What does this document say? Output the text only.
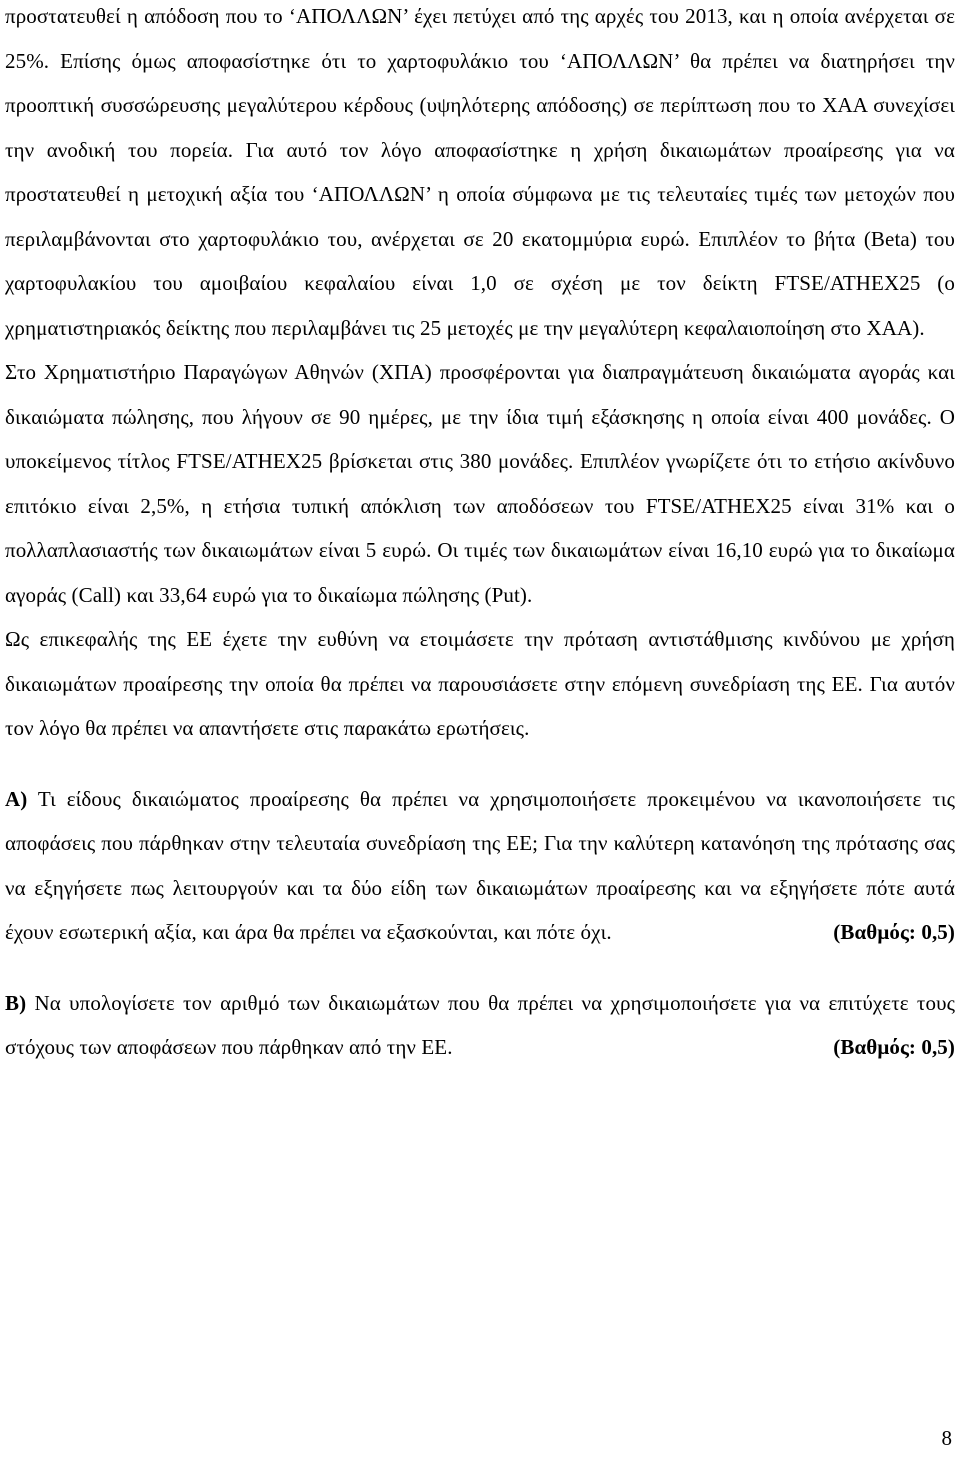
προστατευθεί η απόδοση που το ‘ΑΠΟΛΛΩΝ’ έχει πετύχει από της αρχές του 2013, και η οποία ανέρχεται σε 25%. Επίσης όμως αποφασίστηκε ότι το χαρτοφυλάκιο του ‘ΑΠΟΛΛΩΝ’ θα πρέπει να διατηρήσει την προοπτική συσσώρευσης μεγαλύτερου κέρδους (υψηλότερης απόδοσης) σε περίπτωση που το ΧΑΑ συνεχίσει την ανοδική του πορεία. Για αυτό τον λόγο αποφασίστηκε η χρήση δικαιωμάτων προαίρεσης για να προστατευθεί η μετοχική αξία του ‘ΑΠΟΛΛΩΝ’ η οποία σύμφωνα με τις τελευταίες τιμές των μετοχών που περιλαμβάνονται στο χαρτοφυλάκιο του, ανέρχεται σε 20 εκατομμύρια ευρώ. Επιπλέον το βήτα (Beta) του χαρτοφυλακίου του αμοιβαίου κεφαλαίου είναι 1,0 σε σχέση με τον δείκτη FTSE/ATHEX25 (ο χρηματιστηριακός δείκτης που περιλαμβάνει τις 25 μετοχές με την μεγαλύτερη κεφαλαιοποίηση στο ΧΑΑ).

Στο Χρηματιστήριο Παραγώγων Αθηνών (ΧΠΑ) προσφέρονται για διαπραγμάτευση δικαιώματα αγοράς και δικαιώματα πώλησης, που λήγουν σε 90 ημέρες, με την ίδια τιμή εξάσκησης η οποία είναι 400 μονάδες. Ο υποκείμενος τίτλος FTSE/ATHEX25 βρίσκεται στις 380 μονάδες. Επιπλέον γνωρίζετε ότι το ετήσιο ακίνδυνο επιτόκιο είναι 2,5%, η ετήσια τυπική απόκλιση των αποδόσεων του FTSE/ATHEX25 είναι 31% και ο πολλαπλασιαστής των δικαιωμάτων είναι 5 ευρώ. Οι τιμές των δικαιωμάτων είναι 16,10 ευρώ για το δικαίωμα αγοράς (Call) και 33,64 ευρώ για το δικαίωμα πώλησης (Put).

Ως επικεφαλής της ΕΕ έχετε την ευθύνη να ετοιμάσετε την πρόταση αντιστάθμισης κινδύνου με χρήση δικαιωμάτων προαίρεσης την οποία θα πρέπει να παρουσιάσετε στην επόμενη συνεδρίαση της ΕΕ. Για αυτόν τον λόγο θα πρέπει να απαντήσετε στις παρακάτω ερωτήσεις.

Α) Τι είδους δικαιώματος προαίρεσης θα πρέπει να χρησιμοποιήσετε προκειμένου να ικανοποιήσετε τις αποφάσεις που πάρθηκαν στην τελευταία συνεδρίαση της ΕΕ; Για την καλύτερη κατανόηση της πρότασης σας να εξηγήσετε πως λειτουργούν και τα δύο είδη των δικαιωμάτων προαίρεσης και να εξηγήσετε πότε αυτά έχουν εσωτερική αξία, και άρα θα πρέπει να εξασκούνται, και πότε όχι.	(Βαθμός: 0,5)

Β) Να υπολογίσετε τον αριθμό των δικαιωμάτων που θα πρέπει να χρησιμοποιήσετε για να επιτύχετε τους στόχους των αποφάσεων που πάρθηκαν από την ΕΕ.	(Βαθμός: 0,5)

8
